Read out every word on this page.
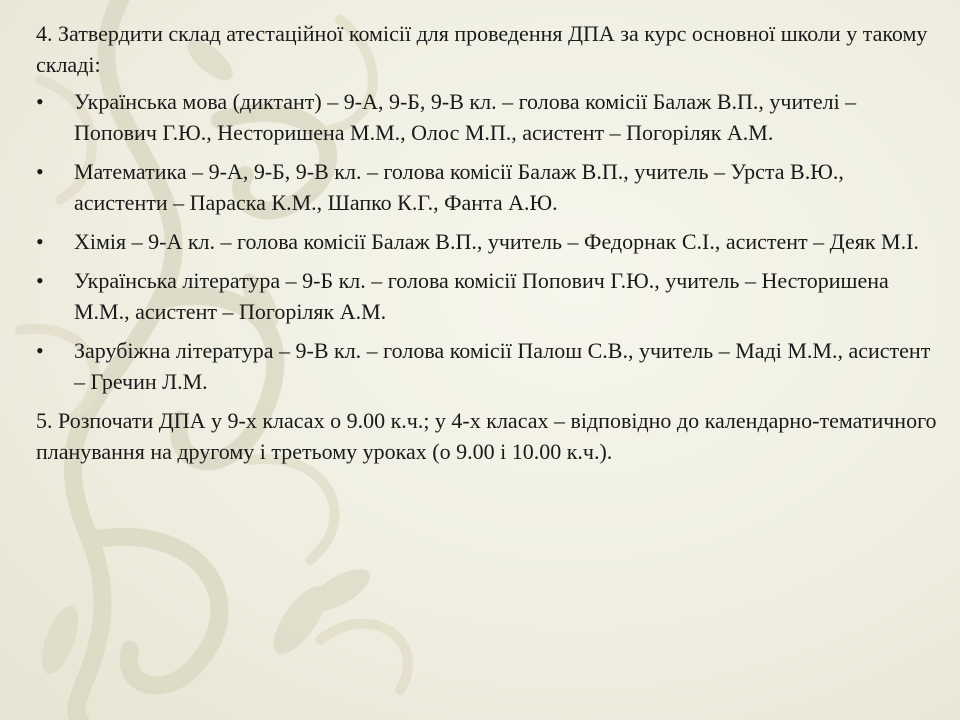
4. Затвердити склад атестаційної комісії для проведення ДПА за курс основної школи у такому складі:

•	Українська мова (диктант) – 9-А, 9-Б, 9-В кл. – голова комісії Балаж В.П., учителі – Попович Г.Ю., Несторишена М.М., Олос М.П., асистент – Погоріляк А.М.
•	Математика – 9-А, 9-Б, 9-В кл. – голова комісії Балаж В.П., учитель – Урста В.Ю., асистенти – Параска К.М., Шапко К.Г., Фанта А.Ю.
•	Хімія – 9-А кл. – голова комісії Балаж В.П., учитель – Федорнак С.І., асистент – Деяк М.І.
•	Українська література – 9-Б кл. – голова комісії Попович Г.Ю., учитель – Несторишена М.М., асистент – Погоріляк А.М.
•	Зарубіжна література – 9-В кл. – голова комісії Палош С.В., учитель – Маді М.М., асистент – Гречин Л.М.

5. Розпочати ДПА у 9-х класах о 9.00 к.ч.; у 4-х класах – відповідно до календарно-тематичного планування на другому і третьому уроках (о 9.00 і 10.00 к.ч.).
